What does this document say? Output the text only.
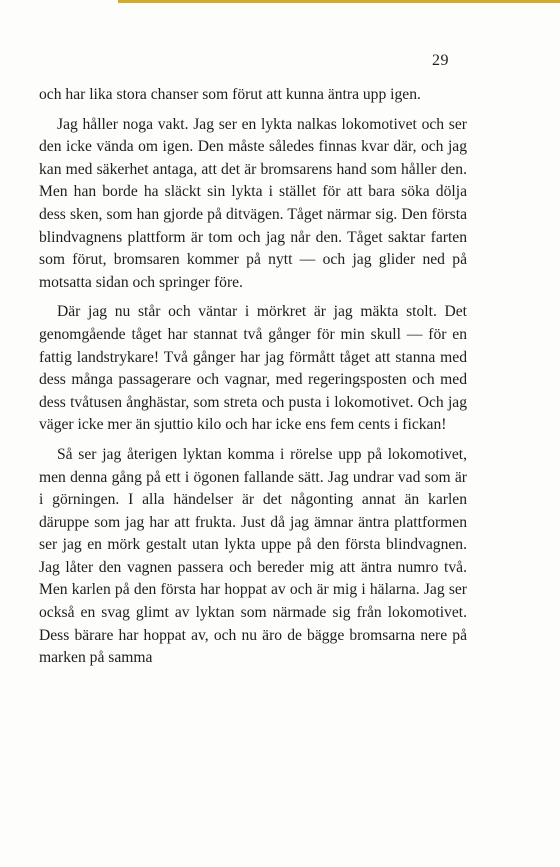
29

och har lika stora chanser som förut att kunna äntra upp igen.

Jag håller noga vakt. Jag ser en lykta nalkas lokomotivet och ser den icke vända om igen. Den måste således finnas kvar där, och jag kan med säkerhet antaga, att det är bromsarens hand som håller den. Men han borde ha släckt sin lykta i stället för att bara söka dölja dess sken, som han gjorde på ditvägen. Tåget närmar sig. Den första blindvagnens plattform är tom och jag når den. Tåget saktar farten som förut, bromsaren kommer på nytt — och jag glider ned på motsatta sidan och springer före.

Där jag nu står och väntar i mörkret är jag mäkta stolt. Det genomgående tåget har stannat två gånger för min skull — för en fattig landstrykare! Två gånger har jag förmått tåget att stanna med dess många passagerare och vagnar, med regeringsposten och med dess tvåtusen ånghästar, som streta och pusta i lokomotivet. Och jag väger icke mer än sjuttio kilo och har icke ens fem cents i fickan!

Så ser jag återigen lyktan komma i rörelse upp på lokomotivet, men denna gång på ett i ögonen fallande sätt. Jag undrar vad som är i görningen. I alla händelser är det någonting annat än karlen däruppe som jag har att frukta. Just då jag ämnar äntra plattformen ser jag en mörk gestalt utan lykta uppe på den första blindvagnen. Jag låter den vagnen passera och bereder mig att äntra numro två. Men karlen på den första har hoppat av och är mig i hälarna. Jag ser också en svag glimt av lyktan som närmade sig från lokomotivet. Dess bärare har hoppat av, och nu äro de bägge bromsarna nere på marken på samma
